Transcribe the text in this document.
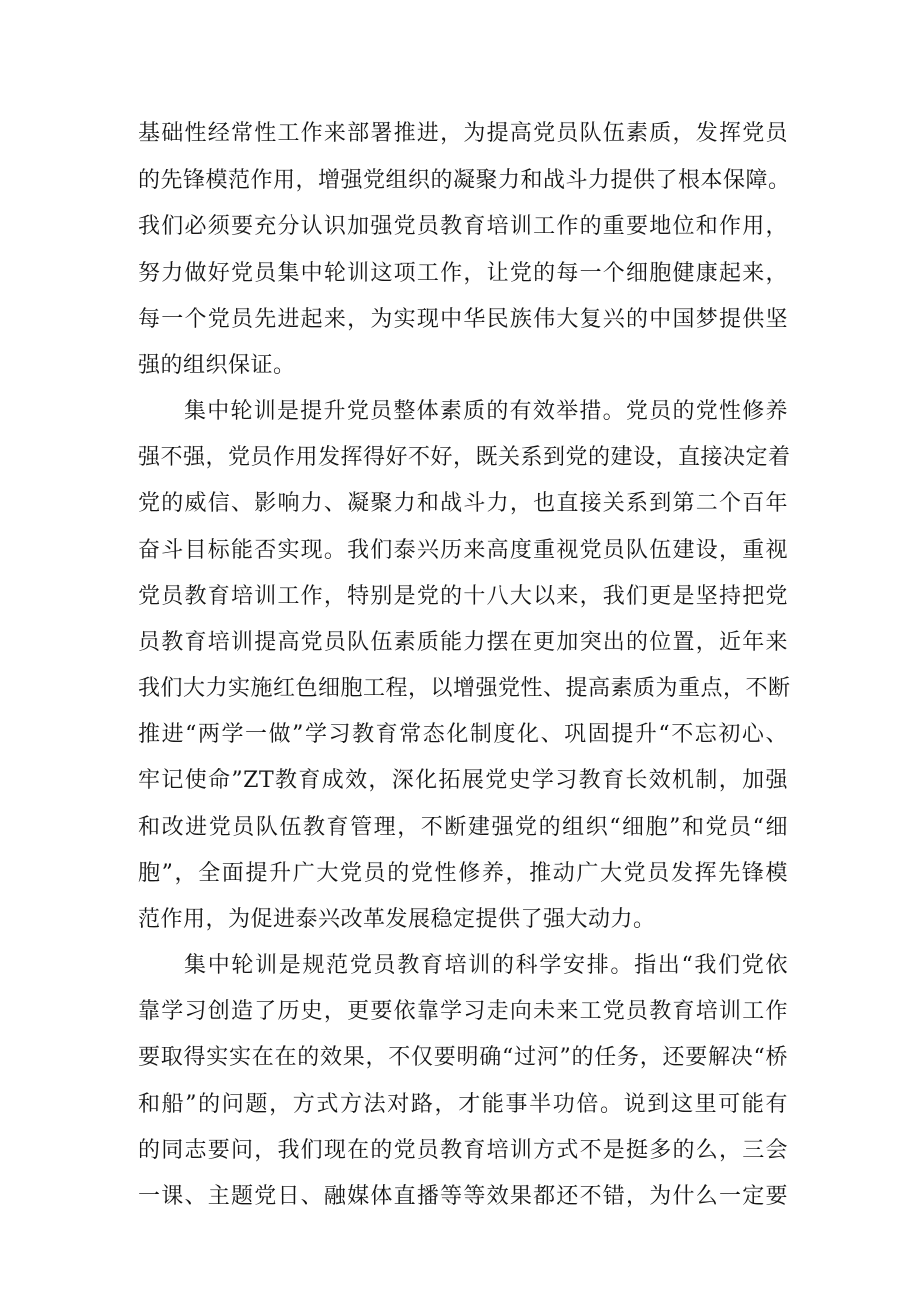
基础性经常性工作来部署推进，为提高党员队伍素质，发挥党员
的先锋模范作用，增强党组织的凝聚力和战斗力提供了根本保障。
我们必须要充分认识加强党员教育培训工作的重要地位和作用，
努力做好党员集中轮训这项工作，让党的每一个细胞健康起来，
每一个党员先进起来，为实现中华民族伟大复兴的中国梦提供坚
强的组织保证。
集中轮训是提升党员整体素质的有效举措。党员的党性修养
强不强，党员作用发挥得好不好，既关系到党的建设，直接决定着
党的威信、影响力、凝聚力和战斗力，也直接关系到第二个百年
奋斗目标能否实现。我们泰兴历来高度重视党员队伍建设，重视
党员教育培训工作，特别是党的十八大以来，我们更是坚持把党
员教育培训提高党员队伍素质能力摆在更加突出的位置，近年来
我们大力实施红色细胞工程，以增强党性、提高素质为重点，不断
推进“两学一做”学习教育常态化制度化、巩固提升“不忘初心、
牢记使命”ZT教育成效，深化拓展党史学习教育长效机制，加强
和改进党员队伍教育管理，不断建强党的组织“细胞”和党员“细
胞”，全面提升广大党员的党性修养，推动广大党员发挥先锋模
范作用，为促进泰兴改革发展稳定提供了强大动力。
集中轮训是规范党员教育培训的科学安排。指出“我们党依
靠学习创造了历史，更要依靠学习走向未来工党员教育培训工作
要取得实实在在的效果，不仅要明确“过河”的任务，还要解决“桥
和船”的问题，方式方法对路，才能事半功倍。说到这里可能有
的同志要问，我们现在的党员教育培训方式不是挺多的么，三会
一课、主题党日、融媒体直播等等效果都还不错，为什么一定要
